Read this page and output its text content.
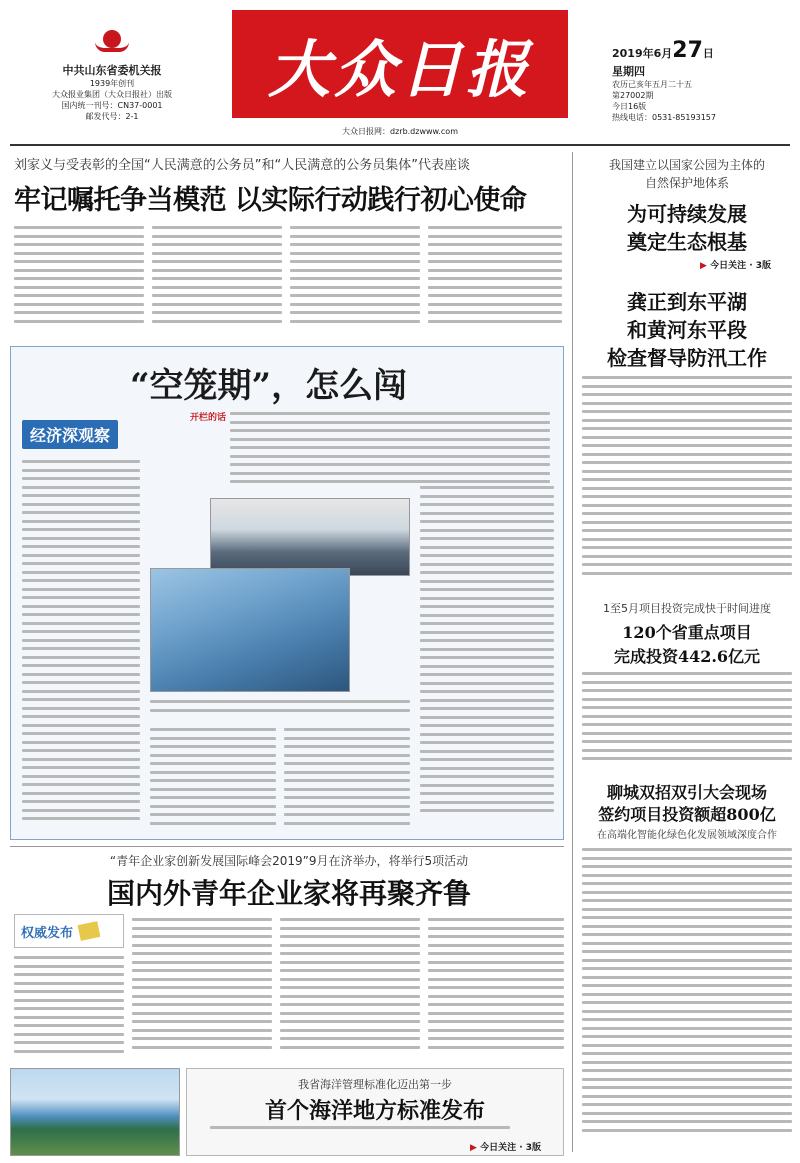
中共山东省委机关报
1939年创刊
大众报业集团（大众日报社）出版
国内统一刊号：CN37-0001
邮发代号：2-1
大众日报
大众日报网：dzrb.dzwww.com
2019年6月27日
星期四
农历己亥年五月二十五
第27002期
今日16版
热线电话：0531-85193157
刘家义与受表彰的全国“人民满意的公务员”和“人民满意的公务员集体”代表座谈
牢记嘱托争当模范 以实际行动践行初心使命
“空笼期”，怎么闯
经济深观察
开栏的话
我国建立以国家公园为主体的
自然保护地体系
为可持续发展
奠定生态根基
▶ 今日关注 · 3版
龚正到东平湖
和黄河东平段
检查督导防汛工作
1至5月项目投资完成快于时间进度
120个省重点项目
完成投资442.6亿元
聊城双招双引大会现场
签约项目投资额超800亿
在高端化智能化绿色化发展领域深度合作
“青年企业家创新发展国际峰会2019”9月在济举办，将举行5项活动
国内外青年企业家将再聚齐鲁
权威发布
我省海洋管理标准化迈出第一步
首个海洋地方标准发布
▶ 今日关注 · 3版
